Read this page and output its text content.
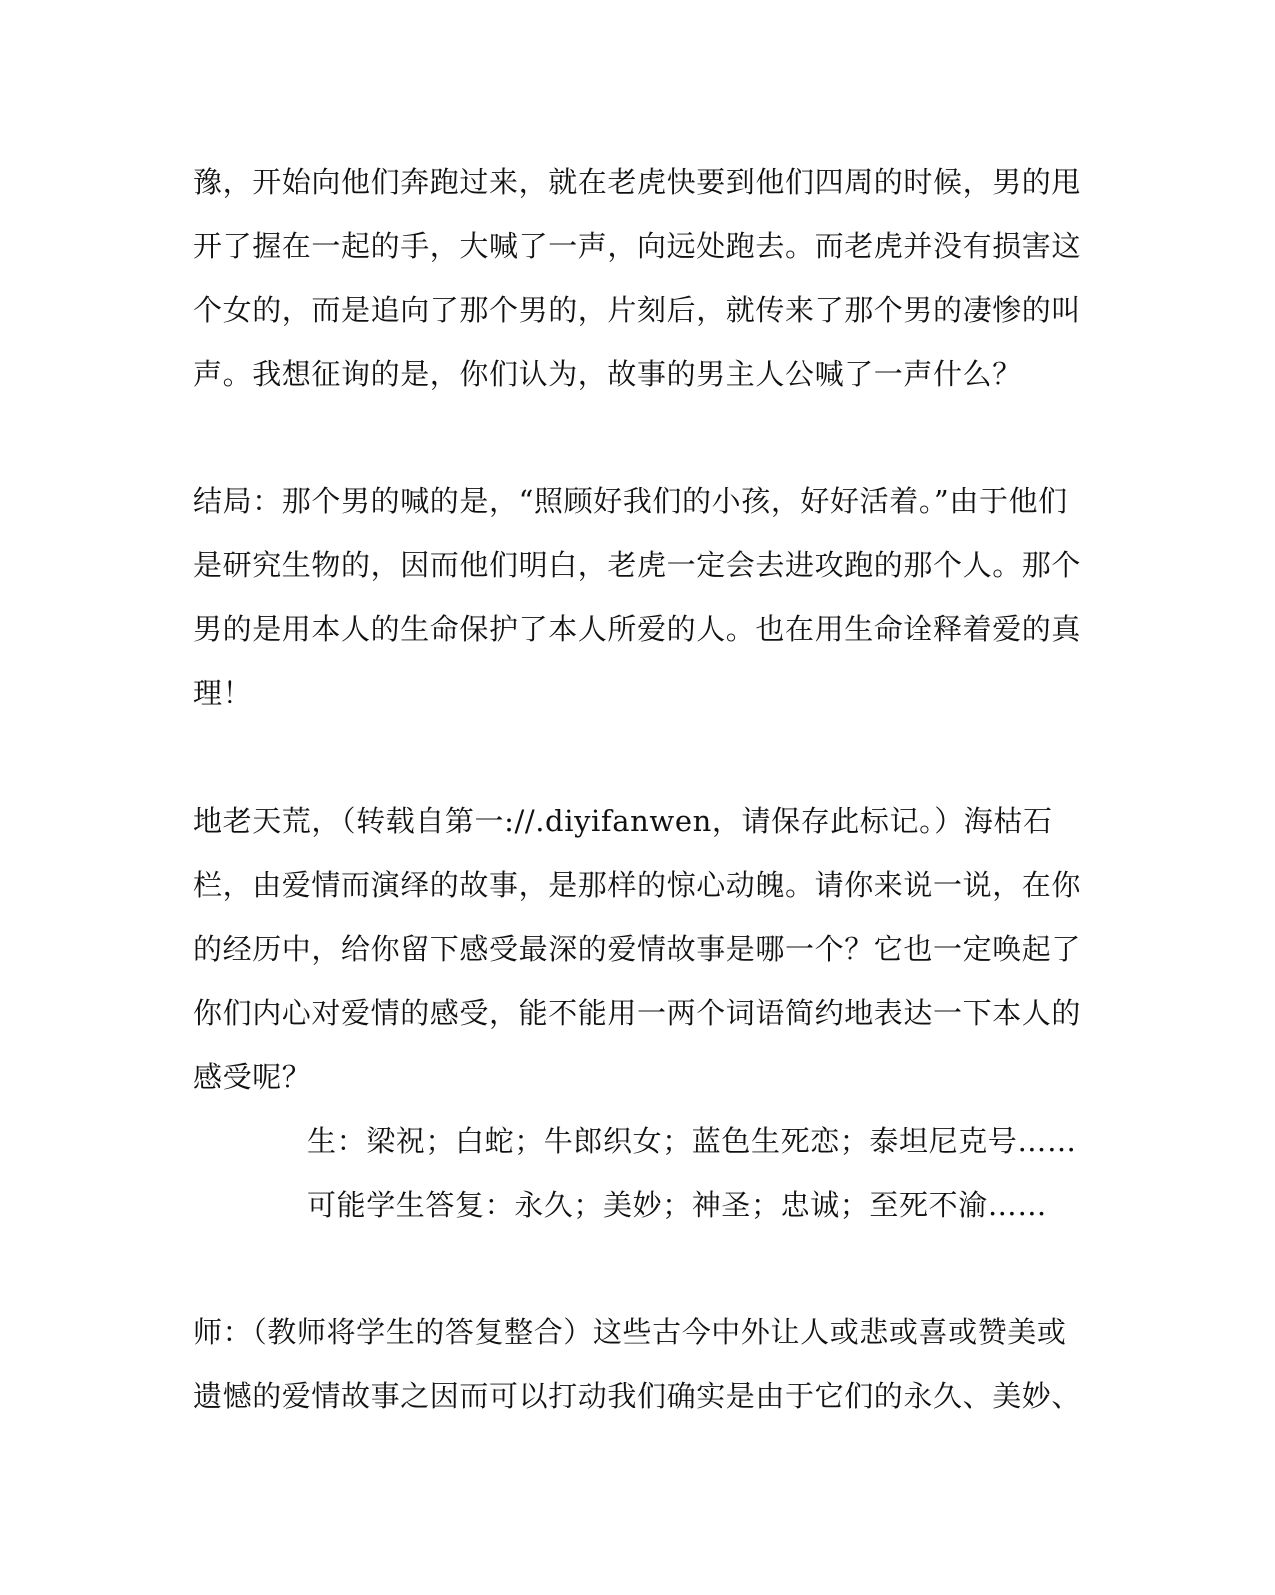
豫，开始向他们奔跑过来，就在老虎快要到他们四周的时候，男的甩
开了握在一起的手，大喊了一声，向远处跑去。而老虎并没有损害这
个女的，而是追向了那个男的，片刻后，就传来了那个男的凄惨的叫
声。我想征询的是，你们认为，故事的男主人公喊了一声什么？
结局：那个男的喊的是，“照顾好我们的小孩，好好活着。”由于他们
是研究生物的，因而他们明白，老虎一定会去进攻跑的那个人。那个
男的是用本人的生命保护了本人所爱的人。也在用生命诠释着爱的真
理！
地老天荒，（转载自第一://.diyifanwen，请保存此标记。）海枯石
栏，由爱情而演绎的故事，是那样的惊心动魄。请你来说一说，在你
的经历中，给你留下感受最深的爱情故事是哪一个？它也一定唤起了
你们内心对爱情的感受，能不能用一两个词语简约地表达一下本人的
感受呢？
生：梁祝；白蛇；牛郎织女；蓝色生死恋；泰坦尼克号……
可能学生答复：永久；美妙；神圣；忠诚；至死不渝……
师：（教师将学生的答复整合）这些古今中外让人或悲或喜或赞美或
遗憾的爱情故事之因而可以打动我们确实是由于它们的永久、美妙、
